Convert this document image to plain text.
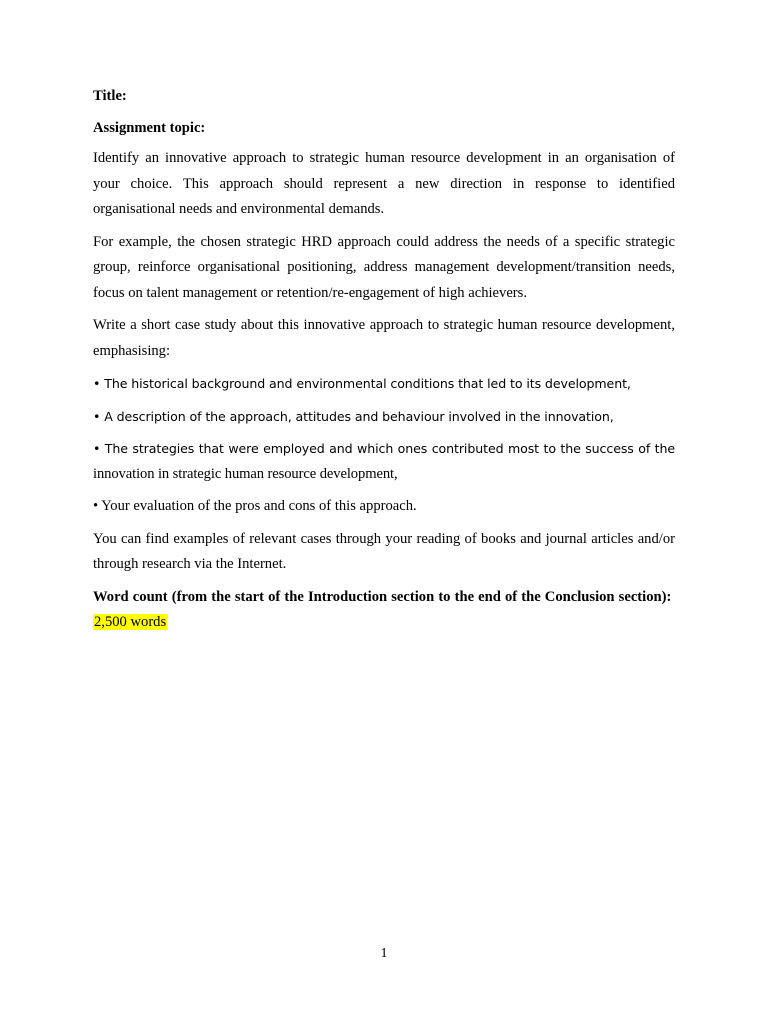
Title:

Assignment topic:

Identify an innovative approach to strategic human resource development in an organisation of your choice. This approach should represent a new direction in response to identified organisational needs and environmental demands.

For example, the chosen strategic HRD approach could address the needs of a specific strategic group, reinforce organisational positioning, address management development/transition needs, focus on talent management or retention/re-engagement of high achievers.

Write a short case study about this innovative approach to strategic human resource development, emphasising:

• The historical background and environmental conditions that led to its development,

• A description of the approach, attitudes and behaviour involved in the innovation,

• The strategies that were employed and which ones contributed most to the success of the
innovation in strategic human resource development,

• Your evaluation of the pros and cons of this approach.

You can find examples of relevant cases through your reading of books and journal articles and/or through research via the Internet.

Word count (from the start of the Introduction section to the end of the Conclusion section):  2,500 words

1
